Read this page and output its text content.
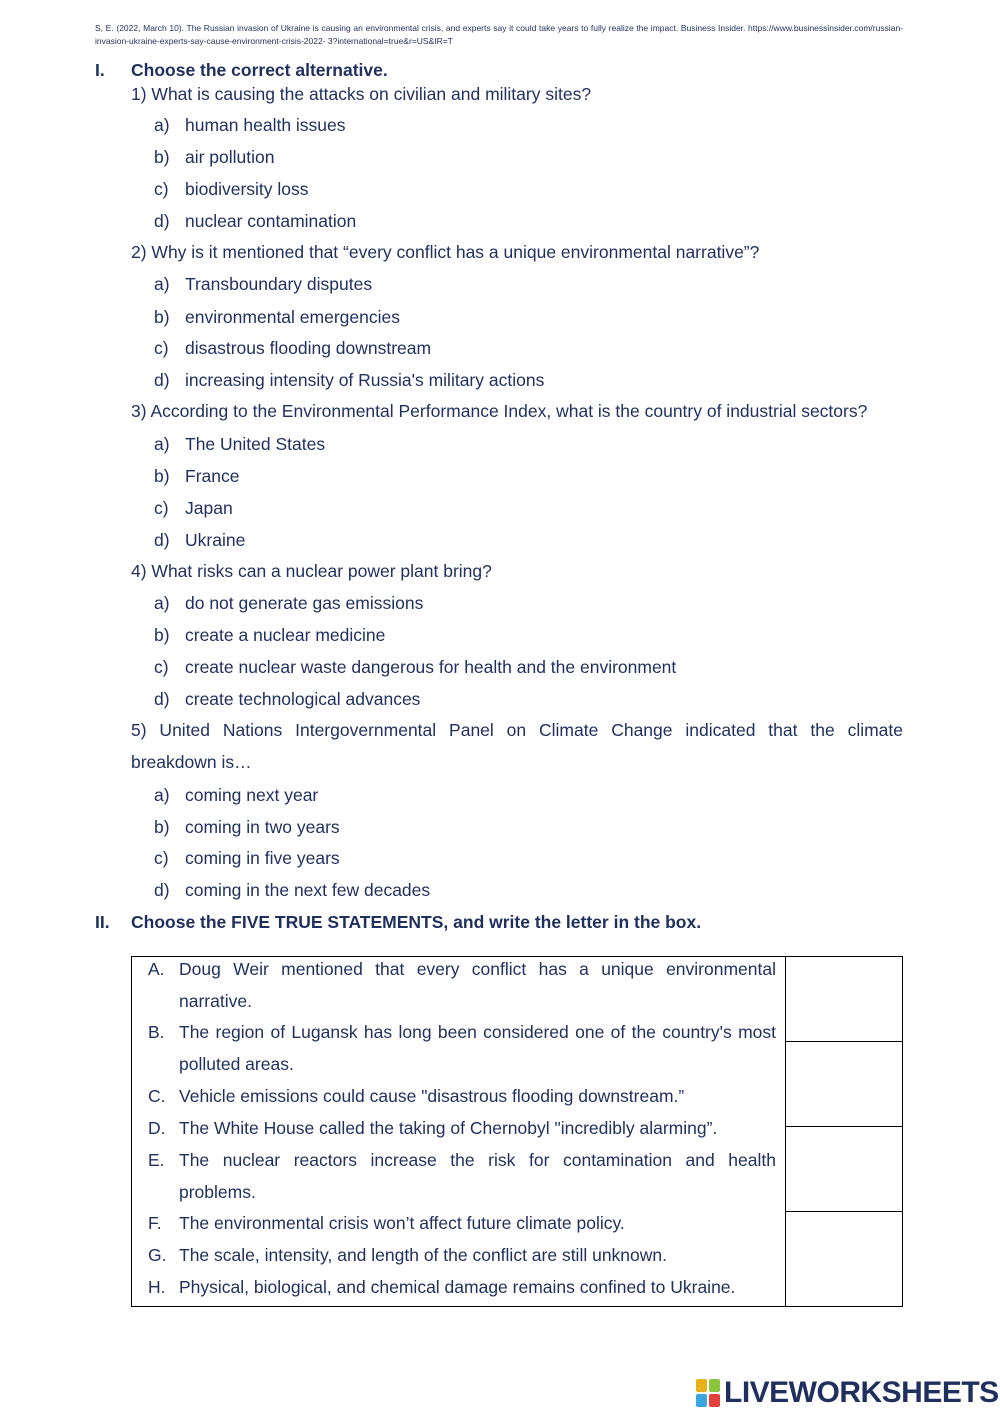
S, E. (2022, March 10). The Russian invasion of Ukraine is causing an environmental crisis, and experts say it could take years to fully realize the impact. Business Insider. https://www.businessinsider.com/russian-invasion-ukraine-experts-say-cause-environment-crisis-2022- 3?international=true&r=US&IR=T
I. Choose the correct alternative.
1) What is causing the attacks on civilian and military sites?
a) human health issues
b) air pollution
c) biodiversity loss
d) nuclear contamination
2) Why is it mentioned that “every conflict has a unique environmental narrative”?
a) Transboundary disputes
b) environmental emergencies
c) disastrous flooding downstream
d) increasing intensity of Russia's military actions
3) According to the Environmental Performance Index, what is the country of industrial sectors?
a) The United States
b) France
c) Japan
d) Ukraine
4) What risks can a nuclear power plant bring?
a) do not generate gas emissions
b) create a nuclear medicine
c) create nuclear waste dangerous for health and the environment
d) create technological advances
5) United Nations Intergovernmental Panel on Climate Change indicated that the climate breakdown is…
a) coming next year
b) coming in two years
c) coming in five years
d) coming in the next few decades
II. Choose the FIVE TRUE STATEMENTS, and write the letter in the box.
A. Doug Weir mentioned that every conflict has a unique environmental narrative.
B. The region of Lugansk has long been considered one of the country's most polluted areas.
C. Vehicle emissions could cause "disastrous flooding downstream.”
D. The White House called the taking of Chernobyl "incredibly alarming”.
E. The nuclear reactors increase the risk for contamination and health problems.
F. The environmental crisis won’t affect future climate policy.
G. The scale, intensity, and length of the conflict are still unknown.
H. Physical, biological, and chemical damage remains confined to Ukraine.
LIVEWORKSHEETS
